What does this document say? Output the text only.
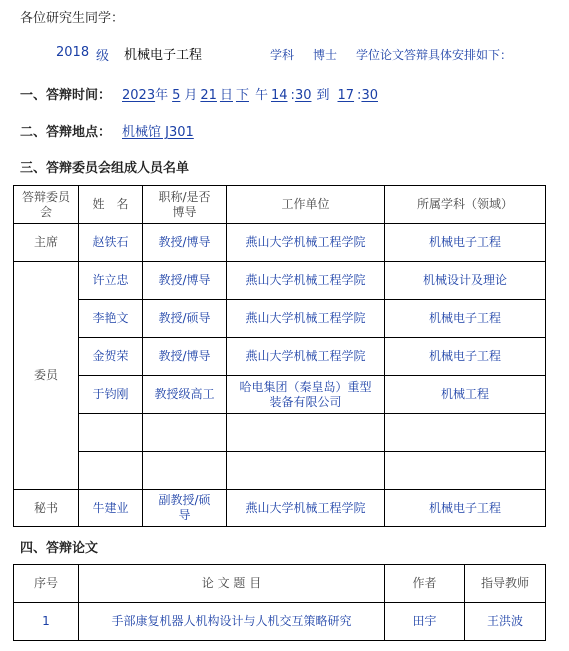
各位研究生同学：
2018 级 机械电子工程	学科 博士 学位论文答辩具体安排如下：
一、答辩时间： 2023年 5 月 21 日 下 午 14 :30 到 17 :30
二、答辩地点： 机械馆 J301
三、答辩委员会组成人员名单
答辩委员会	姓　名	职称/是否博导	工作单位	所属学科（领域）
主席	赵铁石	教授/博导	燕山大学机械工程学院	机械电子工程
委员	许立忠	教授/博导	燕山大学机械工程学院	机械设计及理论
	李艳文	教授/硕导	燕山大学机械工程学院	机械电子工程
	金贺荣	教授/博导	燕山大学机械工程学院	机械电子工程
	于钧刚	教授级高工	哈电集团（秦皇岛）重型装备有限公司	机械工程

秘书	牛建业	副教授/硕导	燕山大学机械工程学院	机械电子工程
四、答辩论文
序号	论 文 题 目	作者	指导教师
1	手部康复机器人机构设计与人机交互策略研究	田宇	王洪波
